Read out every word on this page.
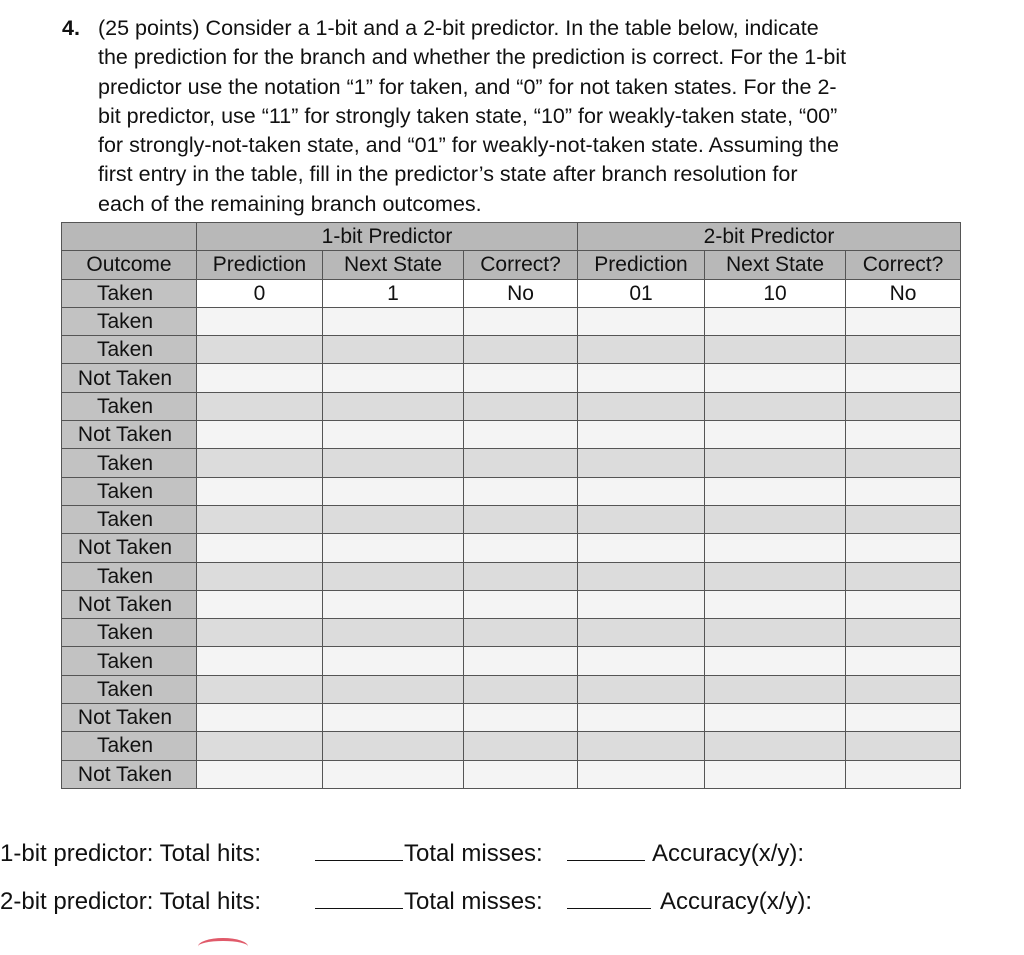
4. (25 points) Consider a 1-bit and a 2-bit predictor. In the table below, indicate
the prediction for the branch and whether the prediction is correct. For the 1-bit
predictor use the notation “1” for taken, and “0” for not taken states. For the 2-
bit predictor, use “11” for strongly taken state, “10” for weakly-taken state, “00”
for strongly-not-taken state, and “01” for weakly-not-taken state. Assuming the
first entry in the table, fill in the predictor’s state after branch resolution for
each of the remaining branch outcomes.
	1-bit Predictor			2-bit Predictor		
Outcome	Prediction	Next State	Correct?	Prediction	Next State	Correct?
Taken	0	1	No	01	10	No
Taken						
Taken						
Not Taken						
Taken						
Not Taken						
Taken						
Taken						
Taken						
Not Taken						
Taken						
Not Taken						
Taken						
Taken						
Taken						
Not Taken						
Taken						
Not Taken						
1-bit predictor: Total hits:	Total misses:	Accuracy(x/y):
2-bit predictor: Total hits:	Total misses:	Accuracy(x/y):
